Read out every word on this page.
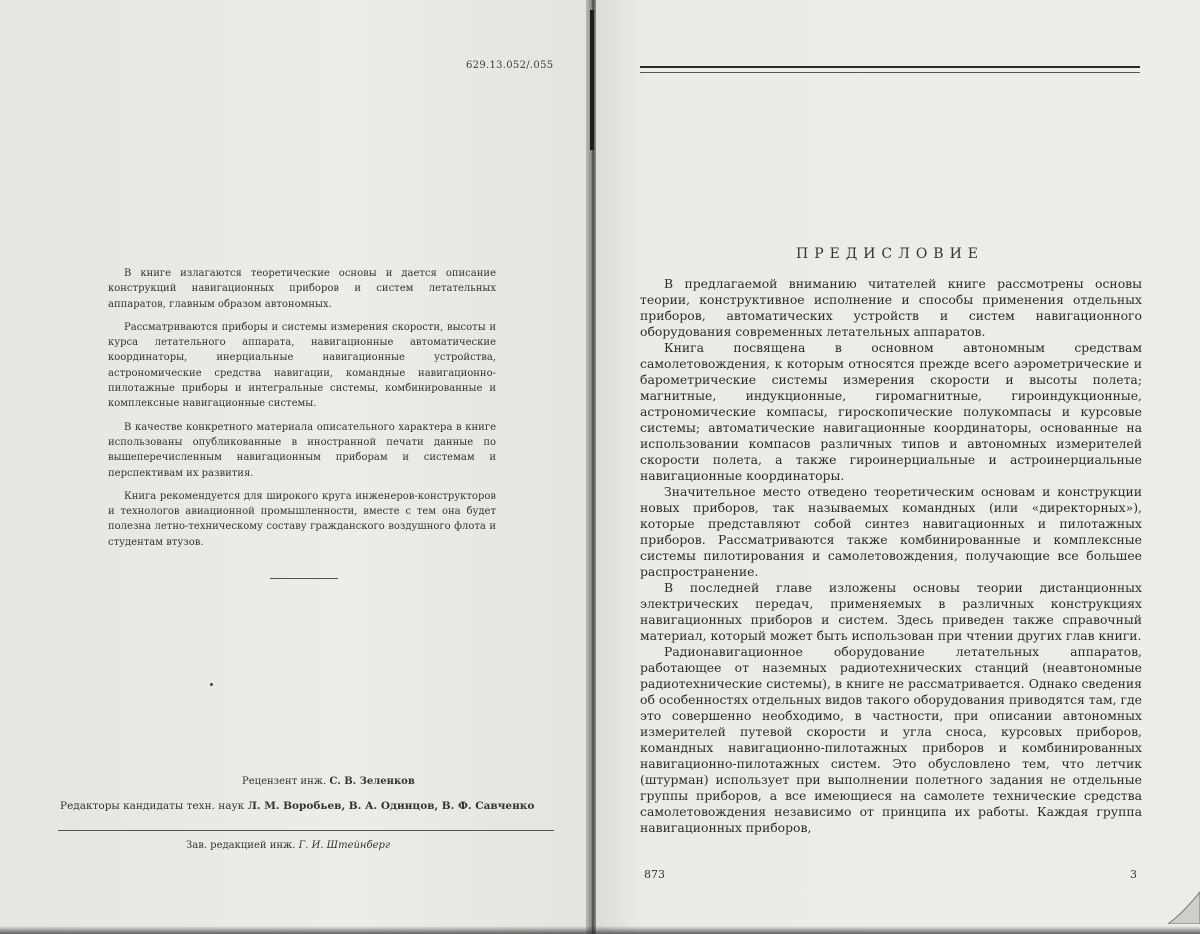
629.13.052/.055

В книге излагаются теоретические основы и дается описание конструкций навигационных приборов и систем летательных аппаратов, главным образом автономных.

Рассматриваются приборы и системы измерения скорости, высоты и курса летательного аппарата, навигационные автоматические координаторы, инерциальные навигационные устройства, астрономические средства навигации, командные навигационно-пилотажные приборы и интегральные системы, комбинированные и комплексные навигационные системы.

В качестве конкретного материала описательного характера в книге использованы опубликованные в иностранной печати данные по вышеперечисленным навигационным приборам и системам и перспективам их развития.

Книга рекомендуется для широкого круга инженеров-конструкторов и технологов авиационной промышленности, вместе с тем она будет полезна летно-техническому составу гражданского воздушного флота и студентам втузов.

Рецензент инж. С. В. Зеленков
Редакторы кандидаты техн. наук Л. М. Воробьев, В. А. Одинцов, В. Ф. Савченко
Зав. редакцией инж. Г. И. Штейнберг
ПРЕДИСЛОВИЕ

В предлагаемой вниманию читателей книге рассмотрены основы теории, конструктивное исполнение и способы применения отдельных приборов, автоматических устройств и систем навигационного оборудования современных летательных аппаратов.

Книга посвящена в основном автономным средствам самолетовождения, к которым относятся прежде всего аэрометрические и барометрические системы измерения скорости и высоты полета; магнитные, индукционные, гиромагнитные, гироиндукционные, астрономические компасы, гироскопические полукомпасы и курсовые системы; автоматические навигационные координаторы, основанные на использовании компасов различных типов и автономных измерителей скорости полета, а также гироинерциальные и астроинерциальные навигационные координаторы.

Значительное место отведено теоретическим основам и конструкции новых приборов, так называемых командных (или «директорных»), которые представляют собой синтез навигационных и пилотажных приборов. Рассматриваются также комбинированные и комплексные системы пилотирования и самолетовождения, получающие все большее распространение.

В последней главе изложены основы теории дистанционных электрических передач, применяемых в различных конструкциях навигационных приборов и систем. Здесь приведен также справочный материал, который может быть использован при чтении других глав книги.

Радионавигационное оборудование летательных аппаратов, работающее от наземных радиотехнических станций (неавтономные радиотехнические системы), в книге не рассматривается. Однако сведения об особенностях отдельных видов такого оборудования приводятся там, где это совершенно необходимо, в частности, при описании автономных измерителей путевой скорости и угла сноса, курсовых приборов, командных навигационно-пилотажных приборов и комбинированных навигационно-пилотажных систем. Это обусловлено тем, что летчик (штурман) использует при выполнении полетного задания не отдельные группы приборов, а все имеющиеся на самолете технические средства самолетовождения независимо от принципа их работы. Каждая группа навигационных приборов,

873	3
